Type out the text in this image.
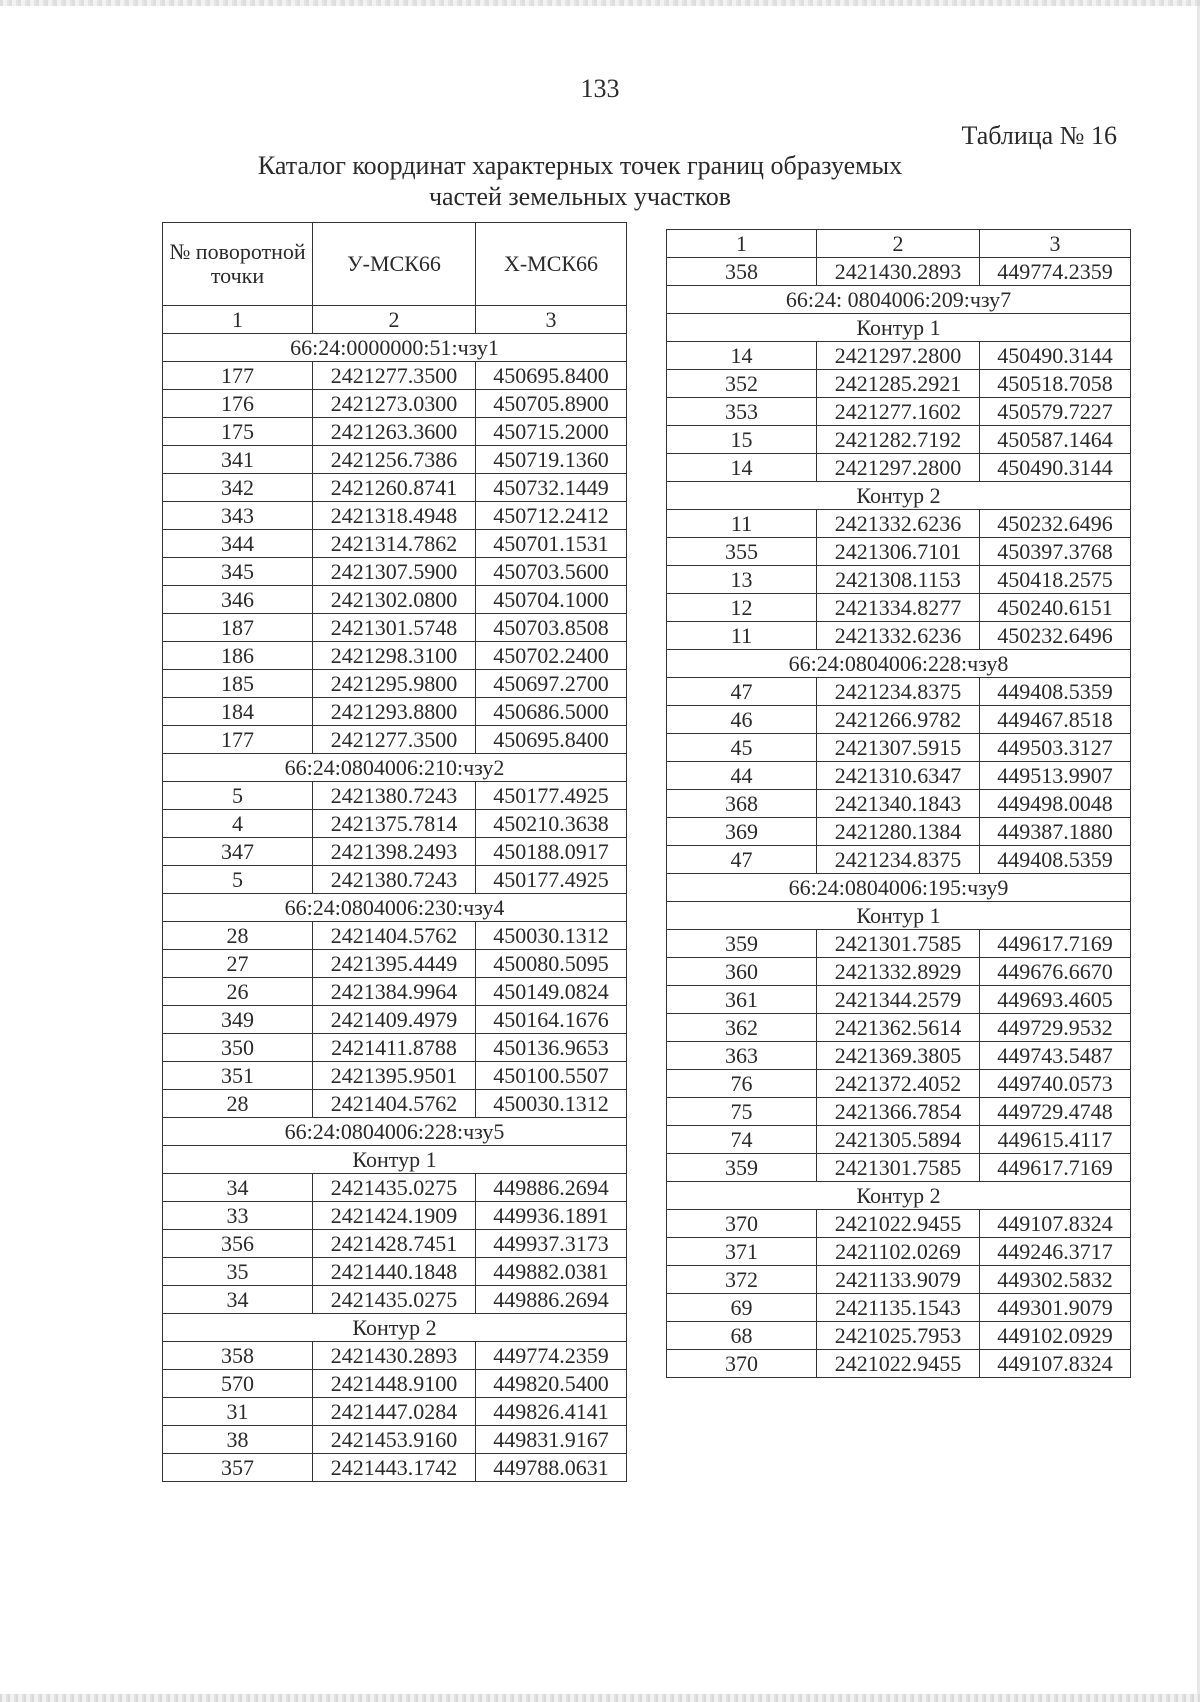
133
Таблица № 16
Каталог координат характерных точек границ образуемых
частей земельных участков
№ поворотной точки	У-МСК66	Х-МСК66
1	2	3
66:24:0000000:51:чзу1		
177	2421277.3500	450695.8400
176	2421273.0300	450705.8900
175	2421263.3600	450715.2000
341	2421256.7386	450719.1360
342	2421260.8741	450732.1449
343	2421318.4948	450712.2412
344	2421314.7862	450701.1531
345	2421307.5900	450703.5600
346	2421302.0800	450704.1000
187	2421301.5748	450703.8508
186	2421298.3100	450702.2400
185	2421295.9800	450697.2700
184	2421293.8800	450686.5000
177	2421277.3500	450695.8400
66:24:0804006:210:чзу2		
5	2421380.7243	450177.4925
4	2421375.7814	450210.3638
347	2421398.2493	450188.0917
5	2421380.7243	450177.4925
66:24:0804006:230:чзу4		
28	2421404.5762	450030.1312
27	2421395.4449	450080.5095
26	2421384.9964	450149.0824
349	2421409.4979	450164.1676
350	2421411.8788	450136.9653
351	2421395.9501	450100.5507
28	2421404.5762	450030.1312
66:24:0804006:228:чзу5		
Контур 1		
34	2421435.0275	449886.2694
33	2421424.1909	449936.1891
356	2421428.7451	449937.3173
35	2421440.1848	449882.0381
34	2421435.0275	449886.2694
Контур 2		
358	2421430.2893	449774.2359
570	2421448.9100	449820.5400
31	2421447.0284	449826.4141
38	2421453.9160	449831.9167
357	2421443.1742	449788.0631
1	2	3
358	2421430.2893	449774.2359
66:24: 0804006:209:чзу7		
Контур 1		
14	2421297.2800	450490.3144
352	2421285.2921	450518.7058
353	2421277.1602	450579.7227
15	2421282.7192	450587.1464
14	2421297.2800	450490.3144
Контур 2		
11	2421332.6236	450232.6496
355	2421306.7101	450397.3768
13	2421308.1153	450418.2575
12	2421334.8277	450240.6151
11	2421332.6236	450232.6496
66:24:0804006:228:чзу8		
47	2421234.8375	449408.5359
46	2421266.9782	449467.8518
45	2421307.5915	449503.3127
44	2421310.6347	449513.9907
368	2421340.1843	449498.0048
369	2421280.1384	449387.1880
47	2421234.8375	449408.5359
66:24:0804006:195:чзу9		
Контур 1		
359	2421301.7585	449617.7169
360	2421332.8929	449676.6670
361	2421344.2579	449693.4605
362	2421362.5614	449729.9532
363	2421369.3805	449743.5487
76	2421372.4052	449740.0573
75	2421366.7854	449729.4748
74	2421305.5894	449615.4117
359	2421301.7585	449617.7169
Контур 2		
370	2421022.9455	449107.8324
371	2421102.0269	449246.3717
372	2421133.9079	449302.5832
69	2421135.1543	449301.9079
68	2421025.7953	449102.0929
370	2421022.9455	449107.8324
